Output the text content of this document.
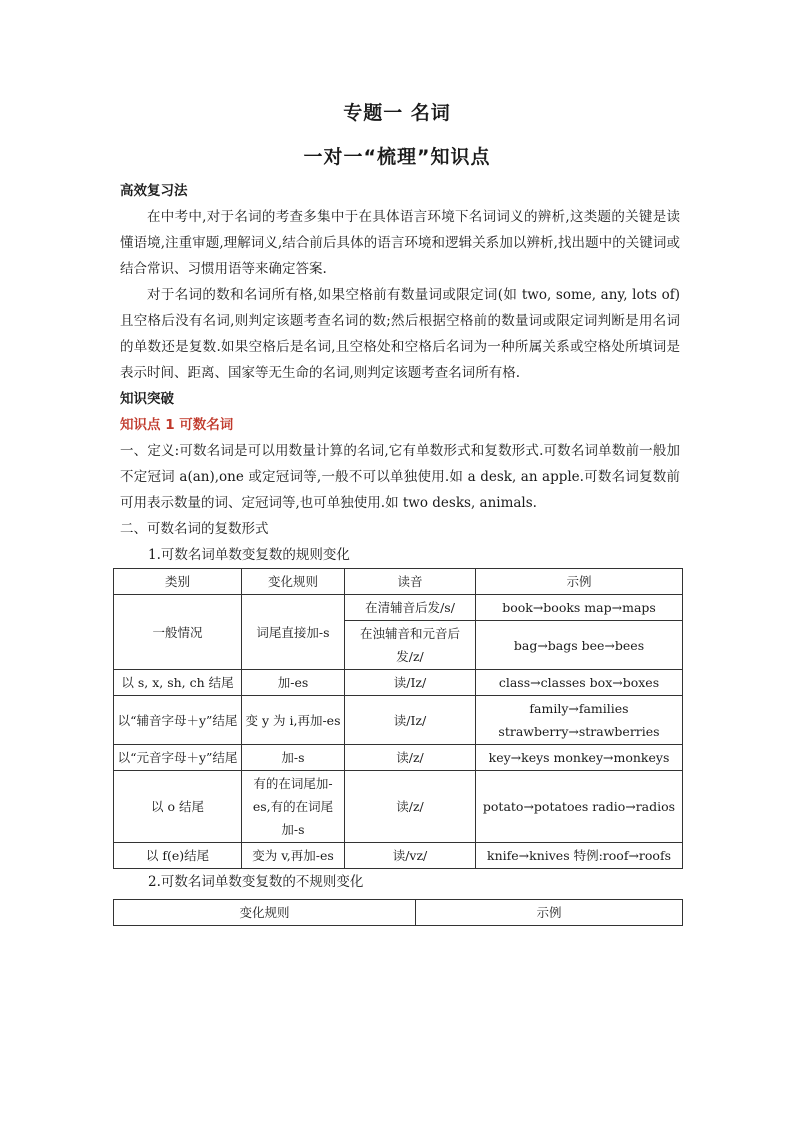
专题一 名词
一对一“梳理”知识点
高效复习法

在中考中,对于名词的考查多集中于在具体语言环境下名词词义的辨析,这类题的关键是读懂语境,注重审题,理解词义,结合前后具体的语言环境和逻辑关系加以辨析,找出题中的关键词或结合常识、习惯用语等来确定答案.

对于名词的数和名词所有格,如果空格前有数量词或限定词(如 two, some, any, lots of)且空格后没有名词,则判定该题考查名词的数;然后根据空格前的数量词或限定词判断是用名词的单数还是复数.如果空格后是名词,且空格处和空格后名词为一种所属关系或空格处所填词是表示时间、距离、国家等无生命的名词,则判定该题考查名词所有格.

知识突破
知识点 1 可数名词

一、定义:可数名词是可以用数量计算的名词,它有单数形式和复数形式.可数名词单数前一般加不定冠词 a(an),one 或定冠词等,一般不可以单独使用.如 a desk, an apple.可数名词复数前可用表示数量的词、定冠词等,也可单独使用.如 two desks, animals.

二、可数名词的复数形式

1.可数名词单数变复数的规则变化

类别	变化规则	读音	示例
一般情况	词尾直接加-s	在清辅音后发/s/	book→books map→maps
		在浊辅音和元音后发/z/	bag→bags bee→bees
以 s, x, sh, ch 结尾	加-es	读/Iz/	class→classes box→boxes
以“辅音字母＋y”结尾	变 y 为 i,再加-es	读/Iz/	family→families strawberry→strawberries
以“元音字母＋y”结尾	加-s	读/z/	key→keys monkey→monkeys
以 o 结尾	有的在词尾加-es,有的在词尾加-s	读/z/	potato→potatoes radio→radios
以 f(e)结尾	变为 v,再加-es	读/vz/	knife→knives 特例:roof→roofs

2.可数名词单数变复数的不规则变化

变化规则	示例
